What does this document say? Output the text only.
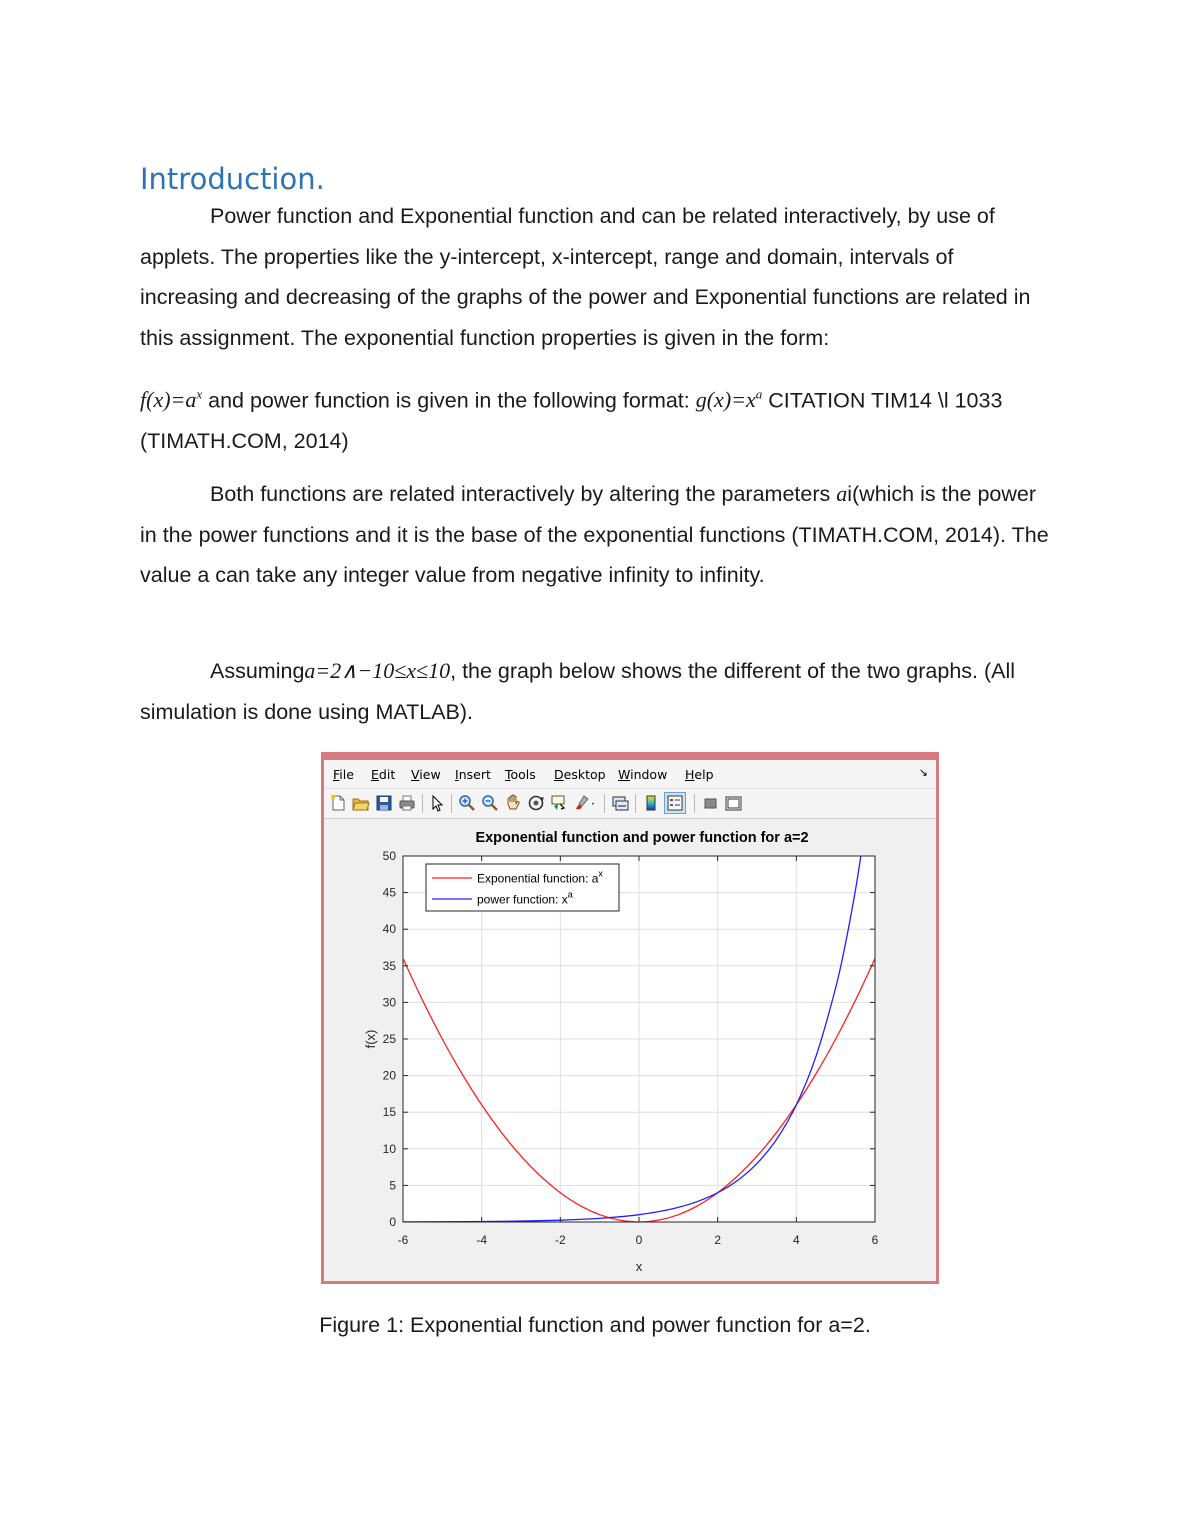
Introduction.

Power function and Exponential function and can be related interactively, by use of applets. The properties like the y-intercept, x-intercept, range and domain, intervals of increasing and decreasing of the graphs of the power and Exponential functions are related in this assignment. The exponential function properties is given in the form:

$f(x)=a^x$ and power function is given in the following format: $g(x)=x^a$ CITATION TIM14 \l 1033 (TIMATH.COM, 2014)

Both functions are related interactively by altering the parameters ai(which is the power in the power functions and it is the base of the exponential functions (TIMATH.COM, 2014). The value a can take any integer value from negative infinity to infinity.

Assuminga=2∧−10≤x≤10, the graph below shows the different of the two graphs. (All simulation is done using MATLAB).

File Edit View Insert Tools Desktop Window Help	↘
Exponential function and power function for a=2
-6	-4	-2	0	2	4	6
0
5
10
15
20
25
30
35
40
45
50
x
f(x)
Exponential function: $a^x$
power function: $x^a$

Figure 1: Exponential function and power function for a=2.
